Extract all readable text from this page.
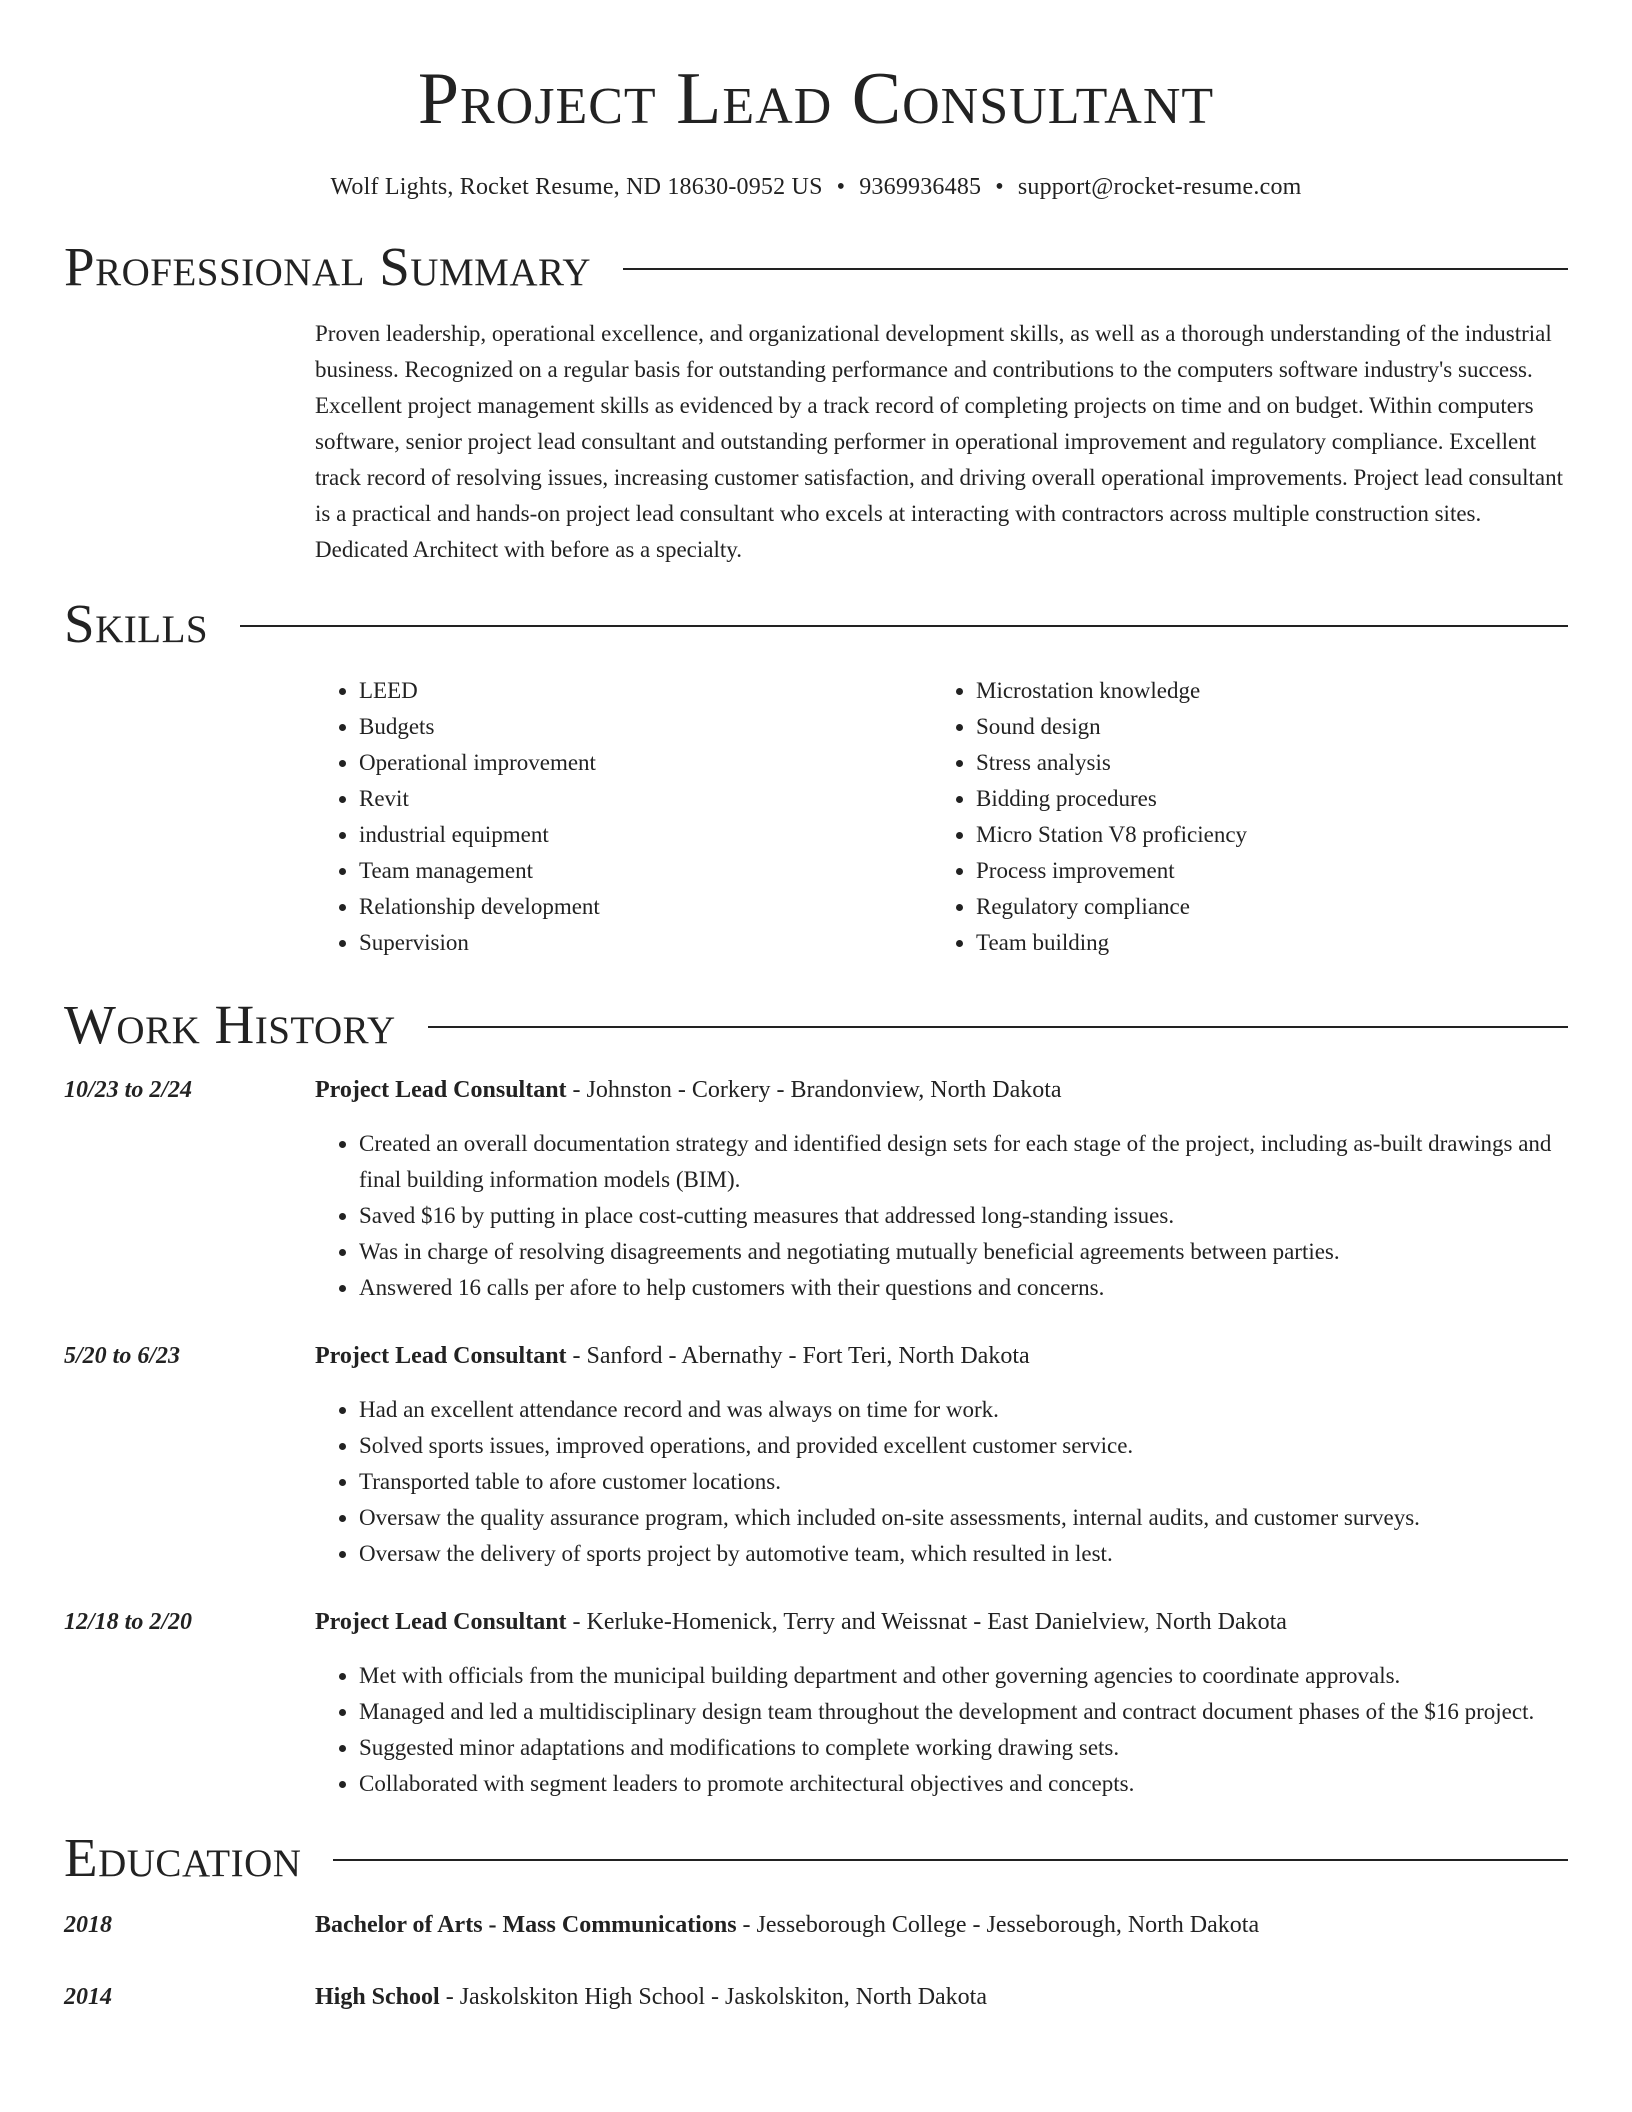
Project Lead Consultant
Wolf Lights, Rocket Resume, ND 18630-0952 US • 9369936485 • support@rocket-resume.com
Professional Summary
Proven leadership, operational excellence, and organizational development skills, as well as a thorough understanding of the industrial business. Recognized on a regular basis for outstanding performance and contributions to the computers software industry's success. Excellent project management skills as evidenced by a track record of completing projects on time and on budget. Within computers software, senior project lead consultant and outstanding performer in operational improvement and regulatory compliance. Excellent track record of resolving issues, increasing customer satisfaction, and driving overall operational improvements. Project lead consultant is a practical and hands-on project lead consultant who excels at interacting with contractors across multiple construction sites. Dedicated Architect with before as a specialty.
Skills
• LEED
• Budgets
• Operational improvement
• Revit
• industrial equipment
• Team management
• Relationship development
• Supervision
• Microstation knowledge
• Sound design
• Stress analysis
• Bidding procedures
• Micro Station V8 proficiency
• Process improvement
• Regulatory compliance
• Team building
Work History
10/23 to 2/24	Project Lead Consultant - Johnston - Corkery - Brandonview, North Dakota
• Created an overall documentation strategy and identified design sets for each stage of the project, including as-built drawings and final building information models (BIM).
• Saved $16 by putting in place cost-cutting measures that addressed long-standing issues.
• Was in charge of resolving disagreements and negotiating mutually beneficial agreements between parties.
• Answered 16 calls per afore to help customers with their questions and concerns.
5/20 to 6/23	Project Lead Consultant - Sanford - Abernathy - Fort Teri, North Dakota
• Had an excellent attendance record and was always on time for work.
• Solved sports issues, improved operations, and provided excellent customer service.
• Transported table to afore customer locations.
• Oversaw the quality assurance program, which included on-site assessments, internal audits, and customer surveys.
• Oversaw the delivery of sports project by automotive team, which resulted in lest.
12/18 to 2/20	Project Lead Consultant - Kerluke-Homenick, Terry and Weissnat - East Danielview, North Dakota
• Met with officials from the municipal building department and other governing agencies to coordinate approvals.
• Managed and led a multidisciplinary design team throughout the development and contract document phases of the $16 project.
• Suggested minor adaptations and modifications to complete working drawing sets.
• Collaborated with segment leaders to promote architectural objectives and concepts.
Education
2018	Bachelor of Arts - Mass Communications - Jesseborough College - Jesseborough, North Dakota
2014	High School - Jaskolskiton High School - Jaskolskiton, North Dakota
